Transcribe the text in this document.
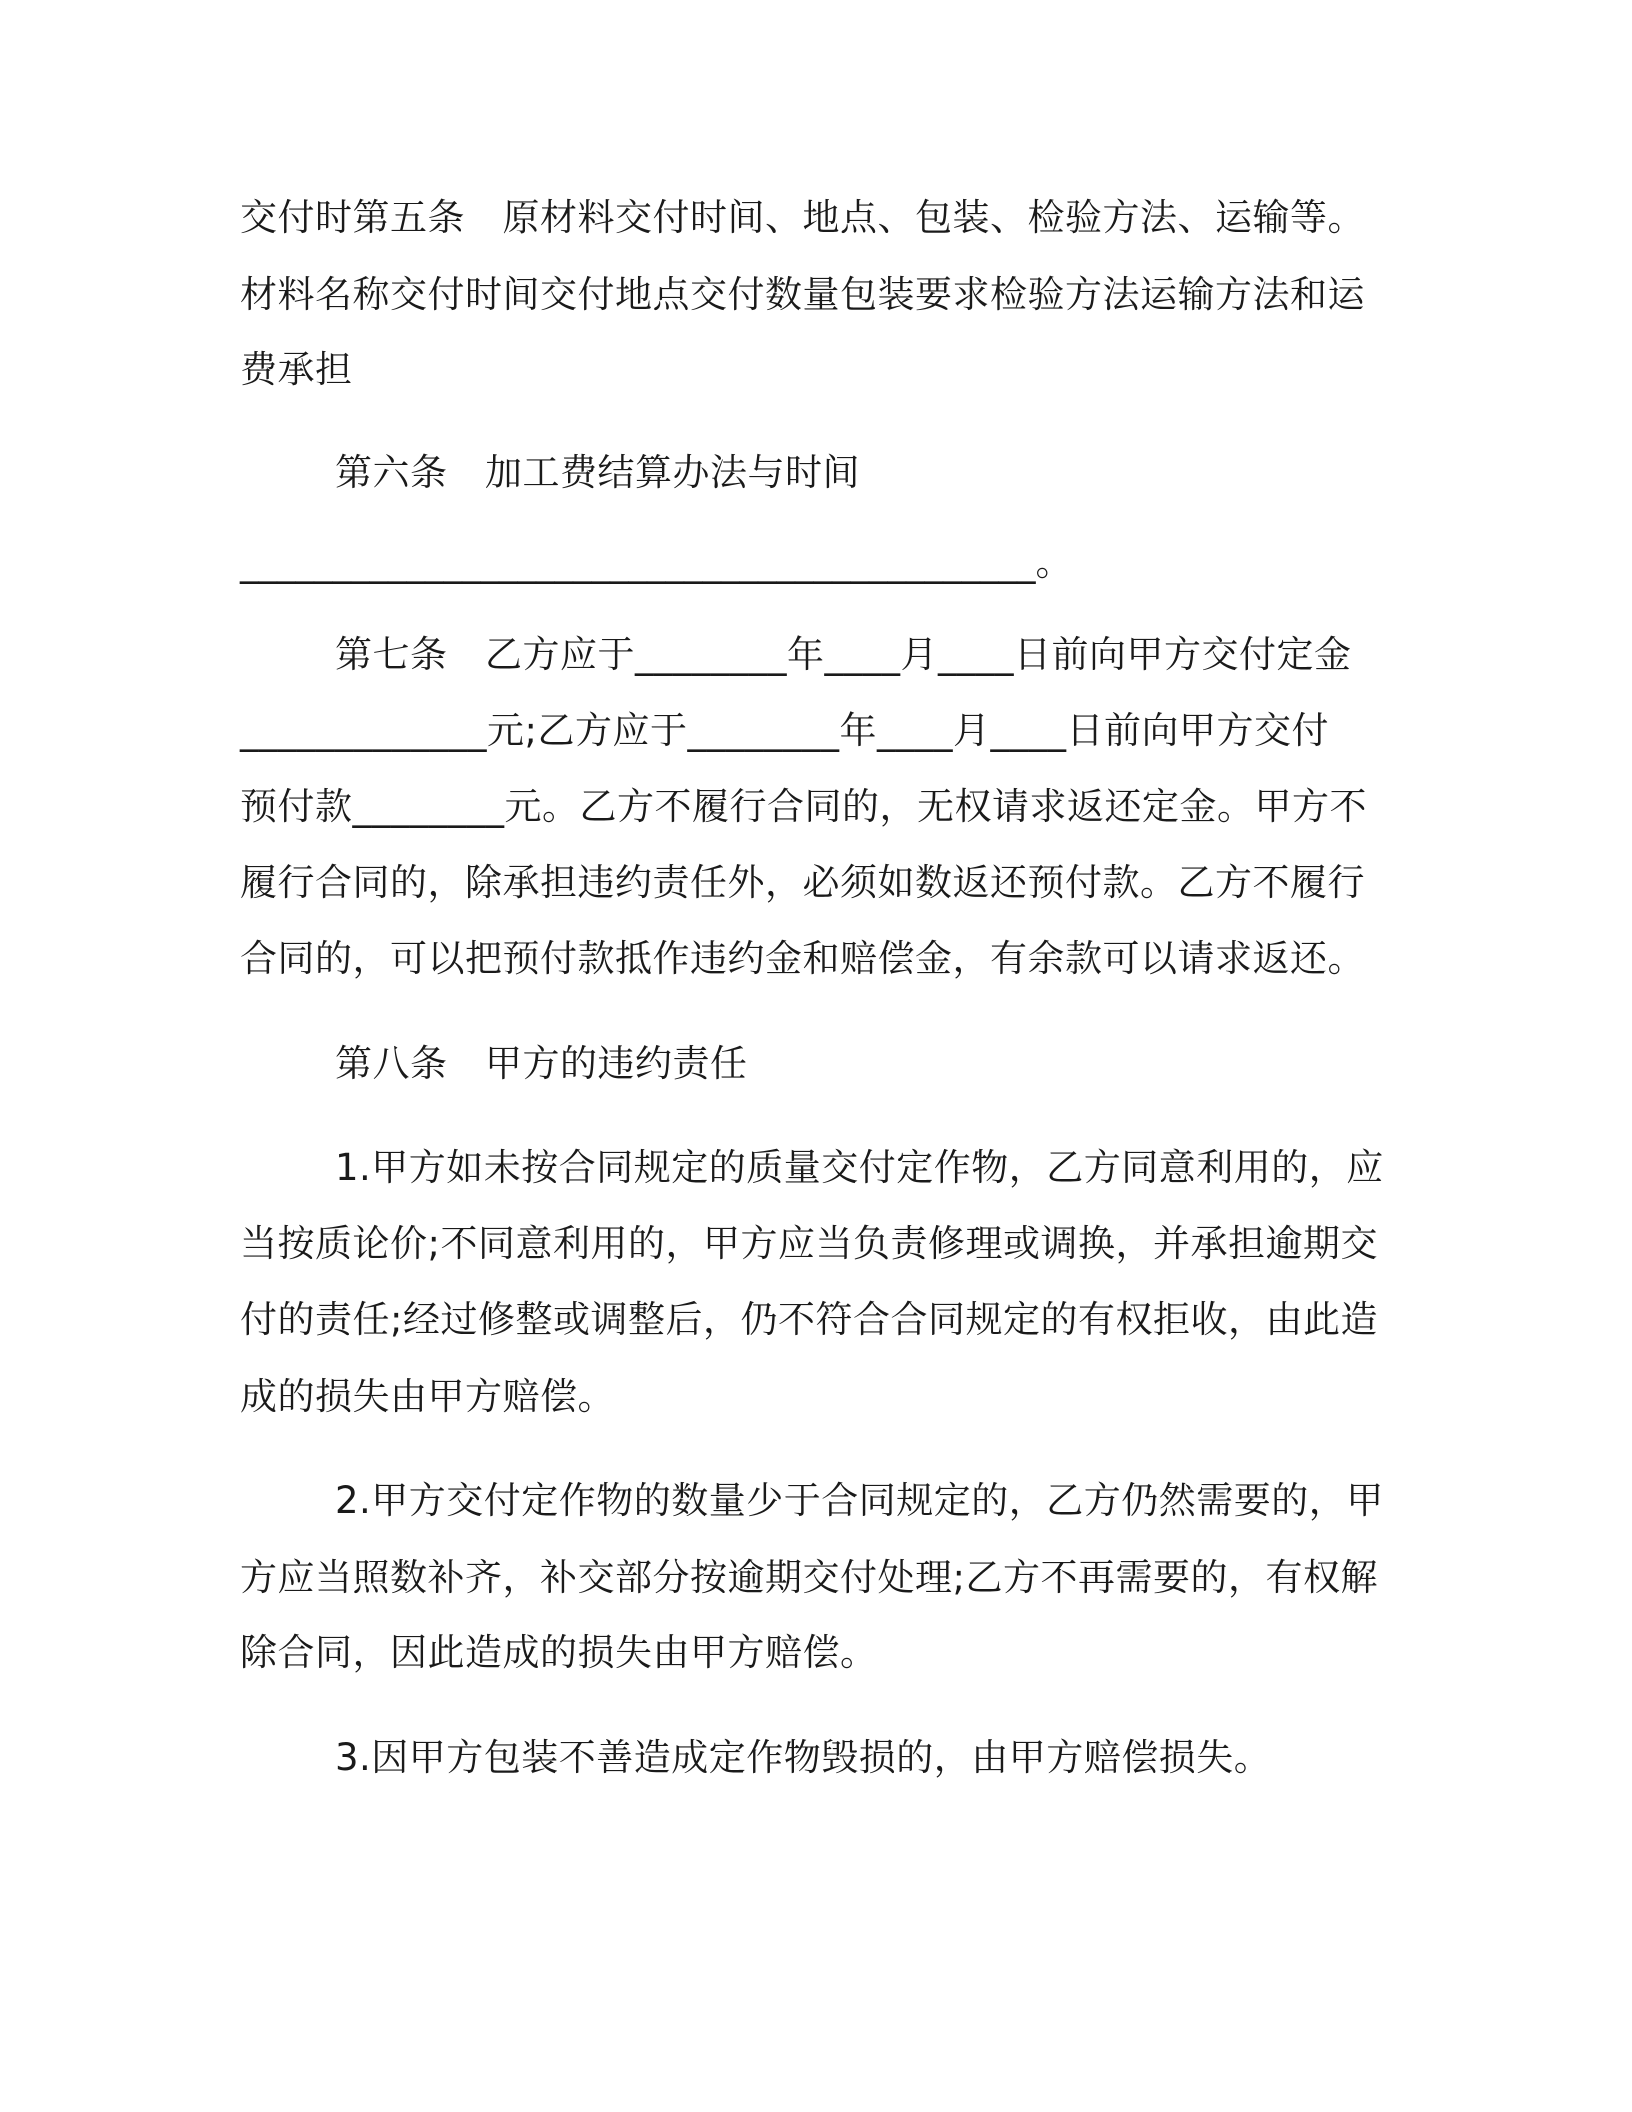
交付时第五条　原材料交付时间、地点、包装、检验方法、运输等。
材料名称交付时间交付地点交付数量包装要求检验方法运输方法和运
费承担
第六条　加工费结算办法与时间
___________________________________________。
第七条　乙方应于________年____月____日前向甲方交付定金
_____________元;乙方应于________年____月____日前向甲方交付
预付款________元。乙方不履行合同的，无权请求返还定金。甲方不
履行合同的，除承担违约责任外，必须如数返还预付款。乙方不履行
合同的，可以把预付款抵作违约金和赔偿金，有余款可以请求返还。
第八条　甲方的违约责任
1.甲方如未按合同规定的质量交付定作物，乙方同意利用的，应
当按质论价;不同意利用的，甲方应当负责修理或调换，并承担逾期交
付的责任;经过修整或调整后，仍不符合合同规定的有权拒收，由此造
成的损失由甲方赔偿。
2.甲方交付定作物的数量少于合同规定的，乙方仍然需要的，甲
方应当照数补齐，补交部分按逾期交付处理;乙方不再需要的，有权解
除合同，因此造成的损失由甲方赔偿。
3.因甲方包装不善造成定作物毁损的，由甲方赔偿损失。
